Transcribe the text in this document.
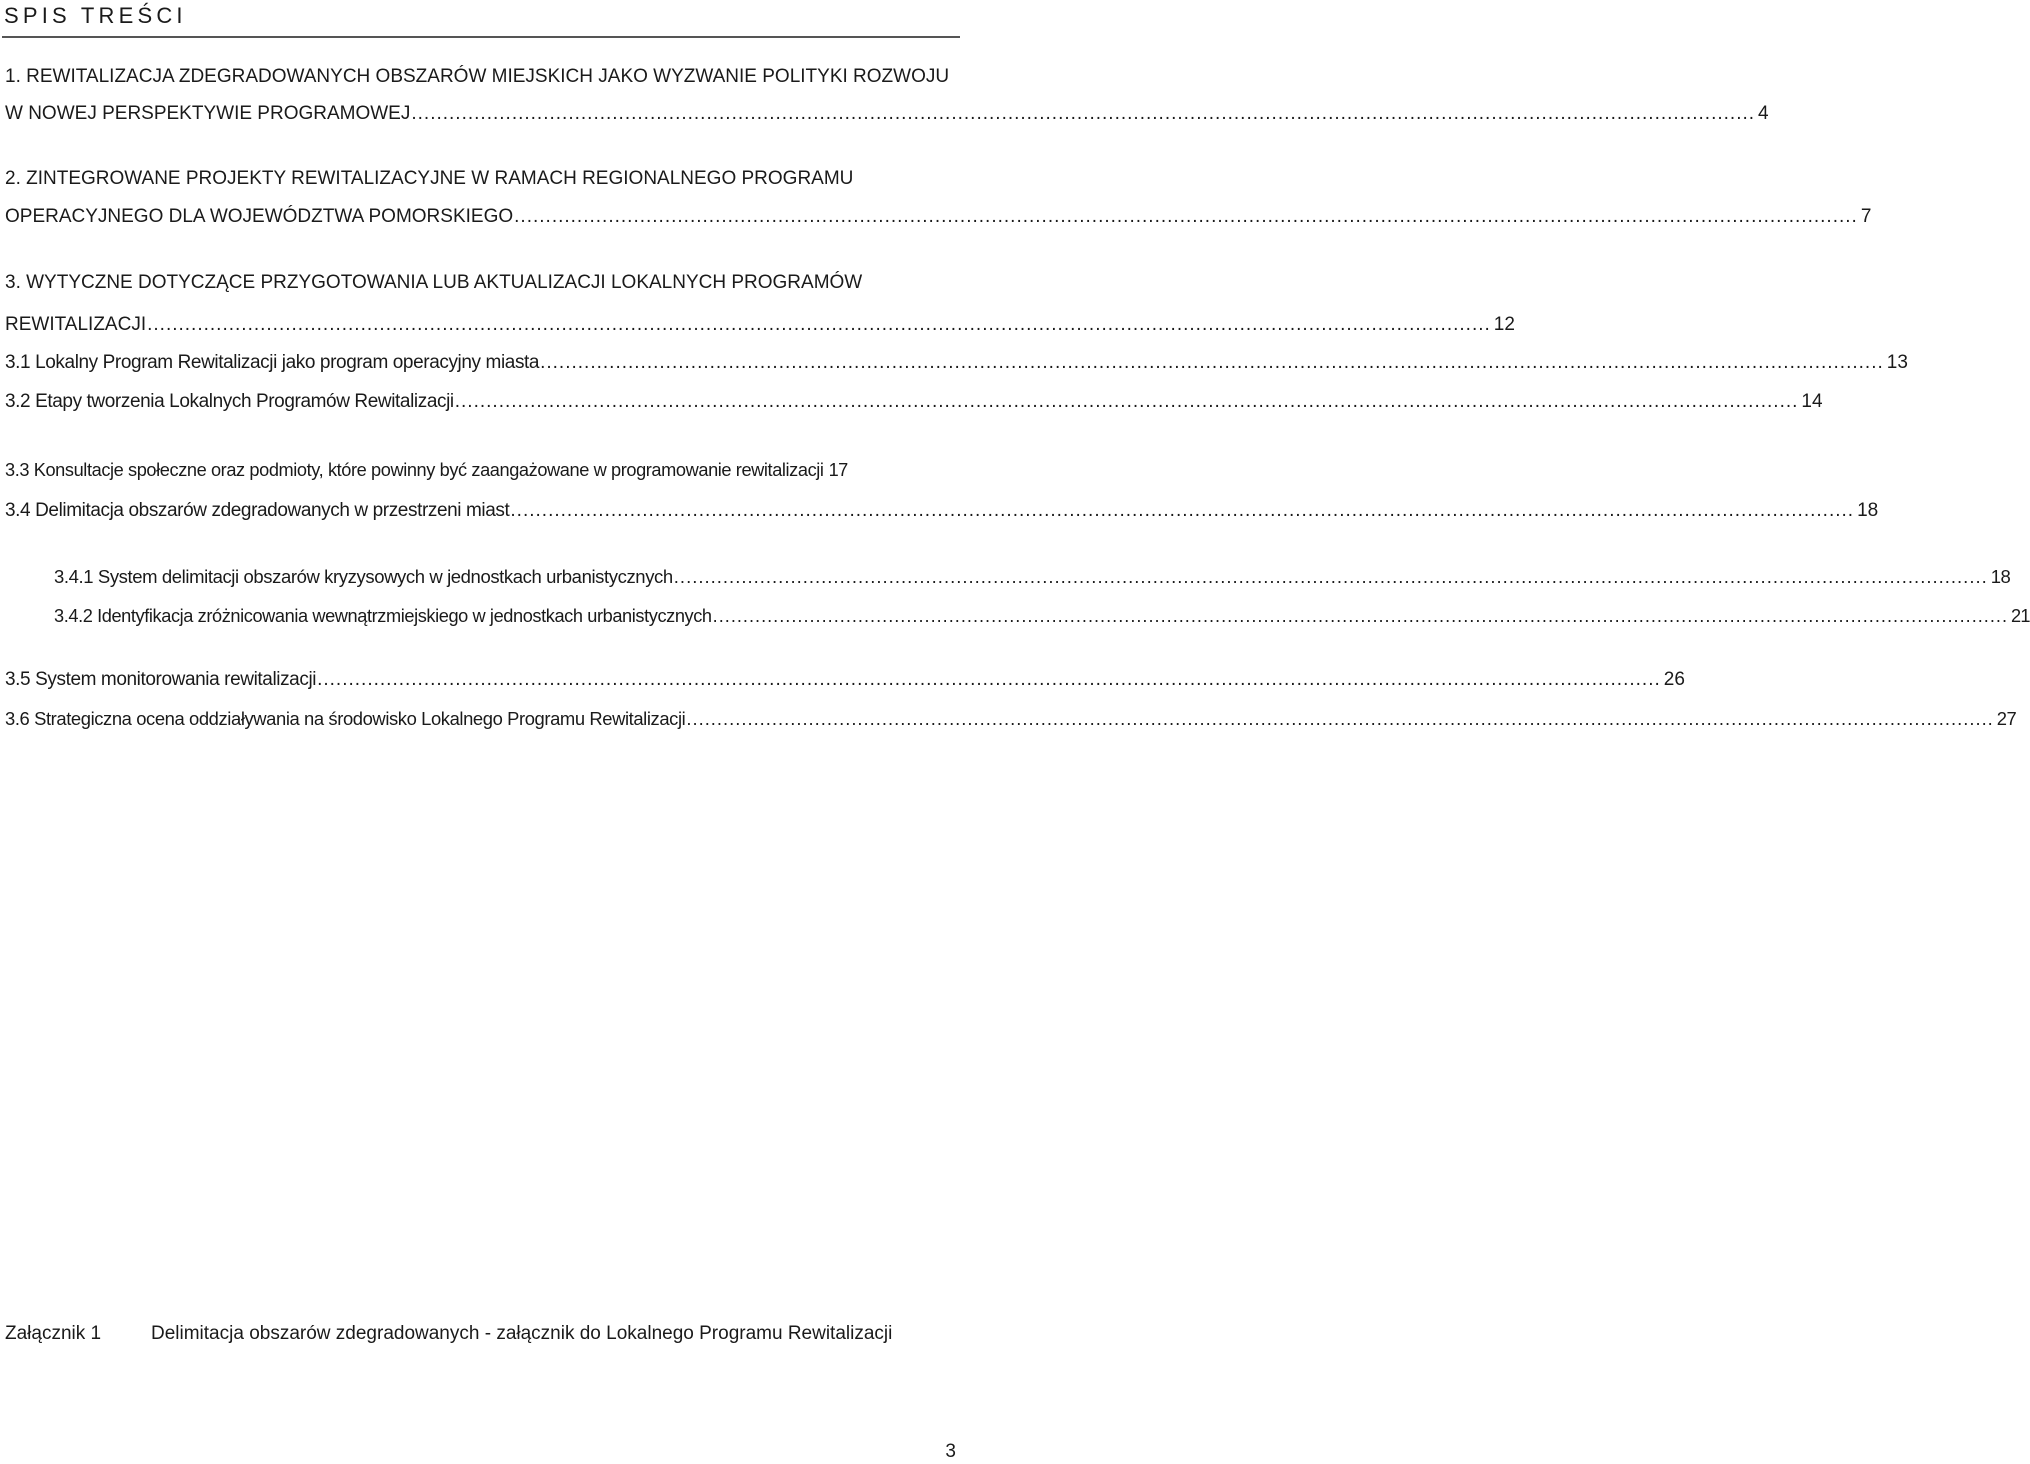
SPIS TREŚCI
1. REWITALIZACJA ZDEGRADOWANYCH OBSZARÓW MIEJSKICH JAKO WYZWANIE POLITYKI ROZWOJU
W NOWEJ PERSPEKTYWIE PROGRAMOWEJ ...................................................................................................................................................................................................................... 4
2. ZINTEGROWANE PROJEKTY REWITALIZACYJNE W RAMACH REGIONALNEGO PROGRAMU
OPERACYJNEGO DLA WOJEWÓDZTWA POMORSKIEGO ...................................................................................................................................................................................................................... 7
3. WYTYCZNE DOTYCZĄCE PRZYGOTOWANIA LUB AKTUALIZACJI LOKALNYCH PROGRAMÓW
REWITALIZACJI ...................................................................................................................................................................................................................... 12
3.1 Lokalny Program Rewitalizacji jako program operacyjny miasta ...................................................................................................................................................................................................................... 13
3.2 Etapy tworzenia Lokalnych Programów Rewitalizacji ...................................................................................................................................................................................................................... 14
3.3 Konsultacje społeczne oraz podmioty, które powinny być zaangażowane w programowanie rewitalizacji 17
3.4 Delimitacja obszarów zdegradowanych w przestrzeni miast ...................................................................................................................................................................................................................... 18
3.4.1 System delimitacji obszarów kryzysowych w jednostkach urbanistycznych ...................................................................................................................................................................................................................... 18
3.4.2 Identyfikacja zróżnicowania wewnątrzmiejskiego w jednostkach urbanistycznych ...................................................................................................................................................................................................................... 21
3.5 System monitorowania rewitalizacji ...................................................................................................................................................................................................................... 26
3.6 Strategiczna ocena oddziaływania na środowisko Lokalnego Programu Rewitalizacji ...................................................................................................................................................................................................................... 27
Załącznik 1	Delimitacja obszarów zdegradowanych - załącznik do Lokalnego Programu Rewitalizacji
3
